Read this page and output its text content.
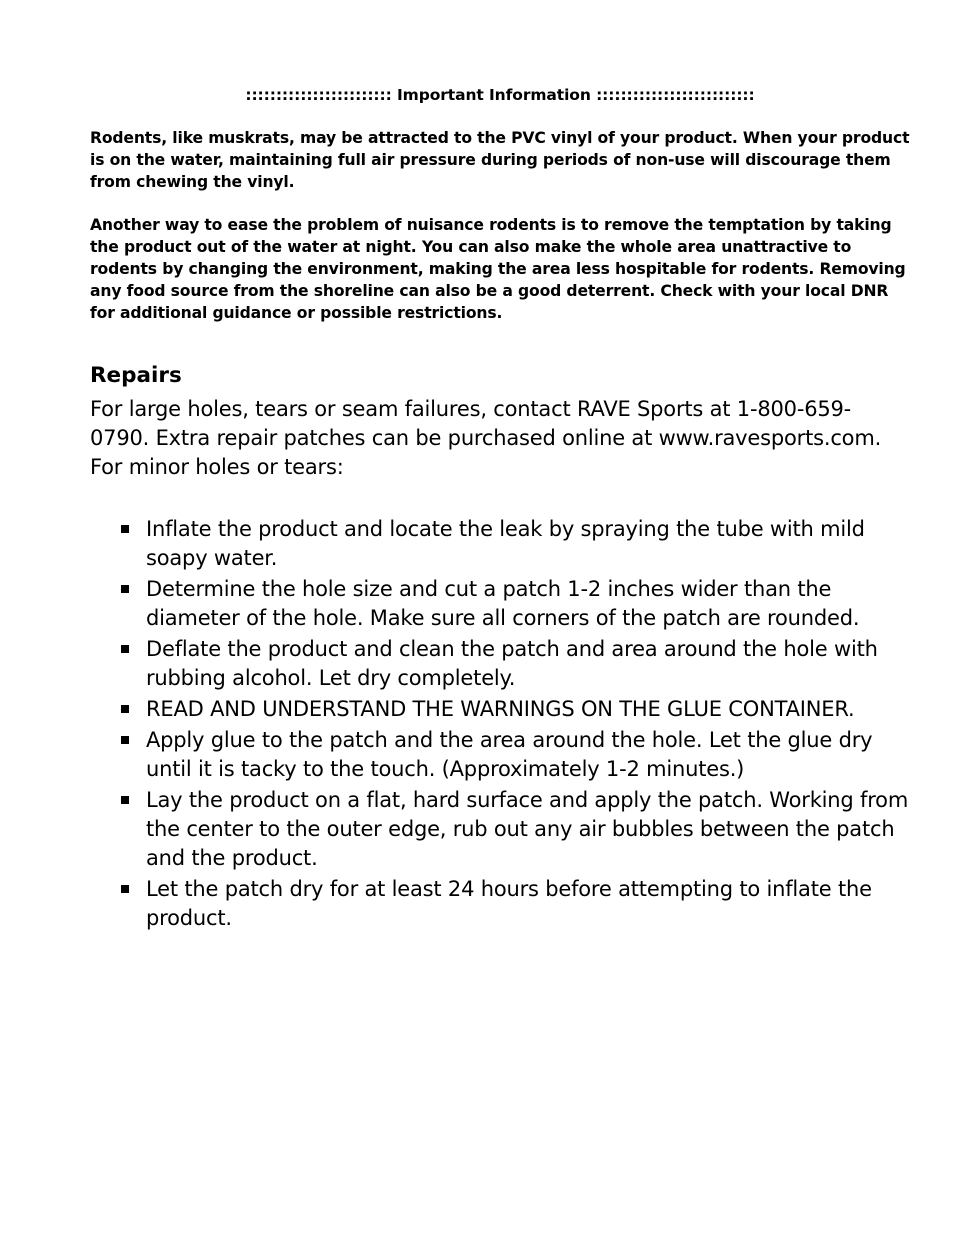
:::::::::::::::::::::::: Important Information ::::::::::::::::::::::::::

Rodents, like muskrats, may be attracted to the PVC vinyl of your product. When your product is on the water, maintaining full air pressure during periods of non-use will discourage them from chewing the vinyl.

Another way to ease the problem of nuisance rodents is to remove the temptation by taking the product out of the water at night. You can also make the whole area unattractive to rodents by changing the environment, making the area less hospitable for rodents. Removing any food source from the shoreline can also be a good deterrent. Check with your local DNR for additional guidance or possible restrictions.

Repairs

For large holes, tears or seam failures, contact RAVE Sports at 1-800-659-0790. Extra repair patches can be purchased online at www.ravesports.com. For minor holes or tears:

Inflate the product and locate the leak by spraying the tube with mild soapy water.
Determine the hole size and cut a patch 1-2 inches wider than the diameter of the hole. Make sure all corners of the patch are rounded.
Deflate the product and clean the patch and area around the hole with rubbing alcohol. Let dry completely.
READ AND UNDERSTAND THE WARNINGS ON THE GLUE CONTAINER.
Apply glue to the patch and the area around the hole. Let the glue dry until it is tacky to the touch. (Approximately 1-2 minutes.)
Lay the product on a flat, hard surface and apply the patch. Working from the center to the outer edge, rub out any air bubbles between the patch and the product.
Let the patch dry for at least 24 hours before attempting to inflate the product.
